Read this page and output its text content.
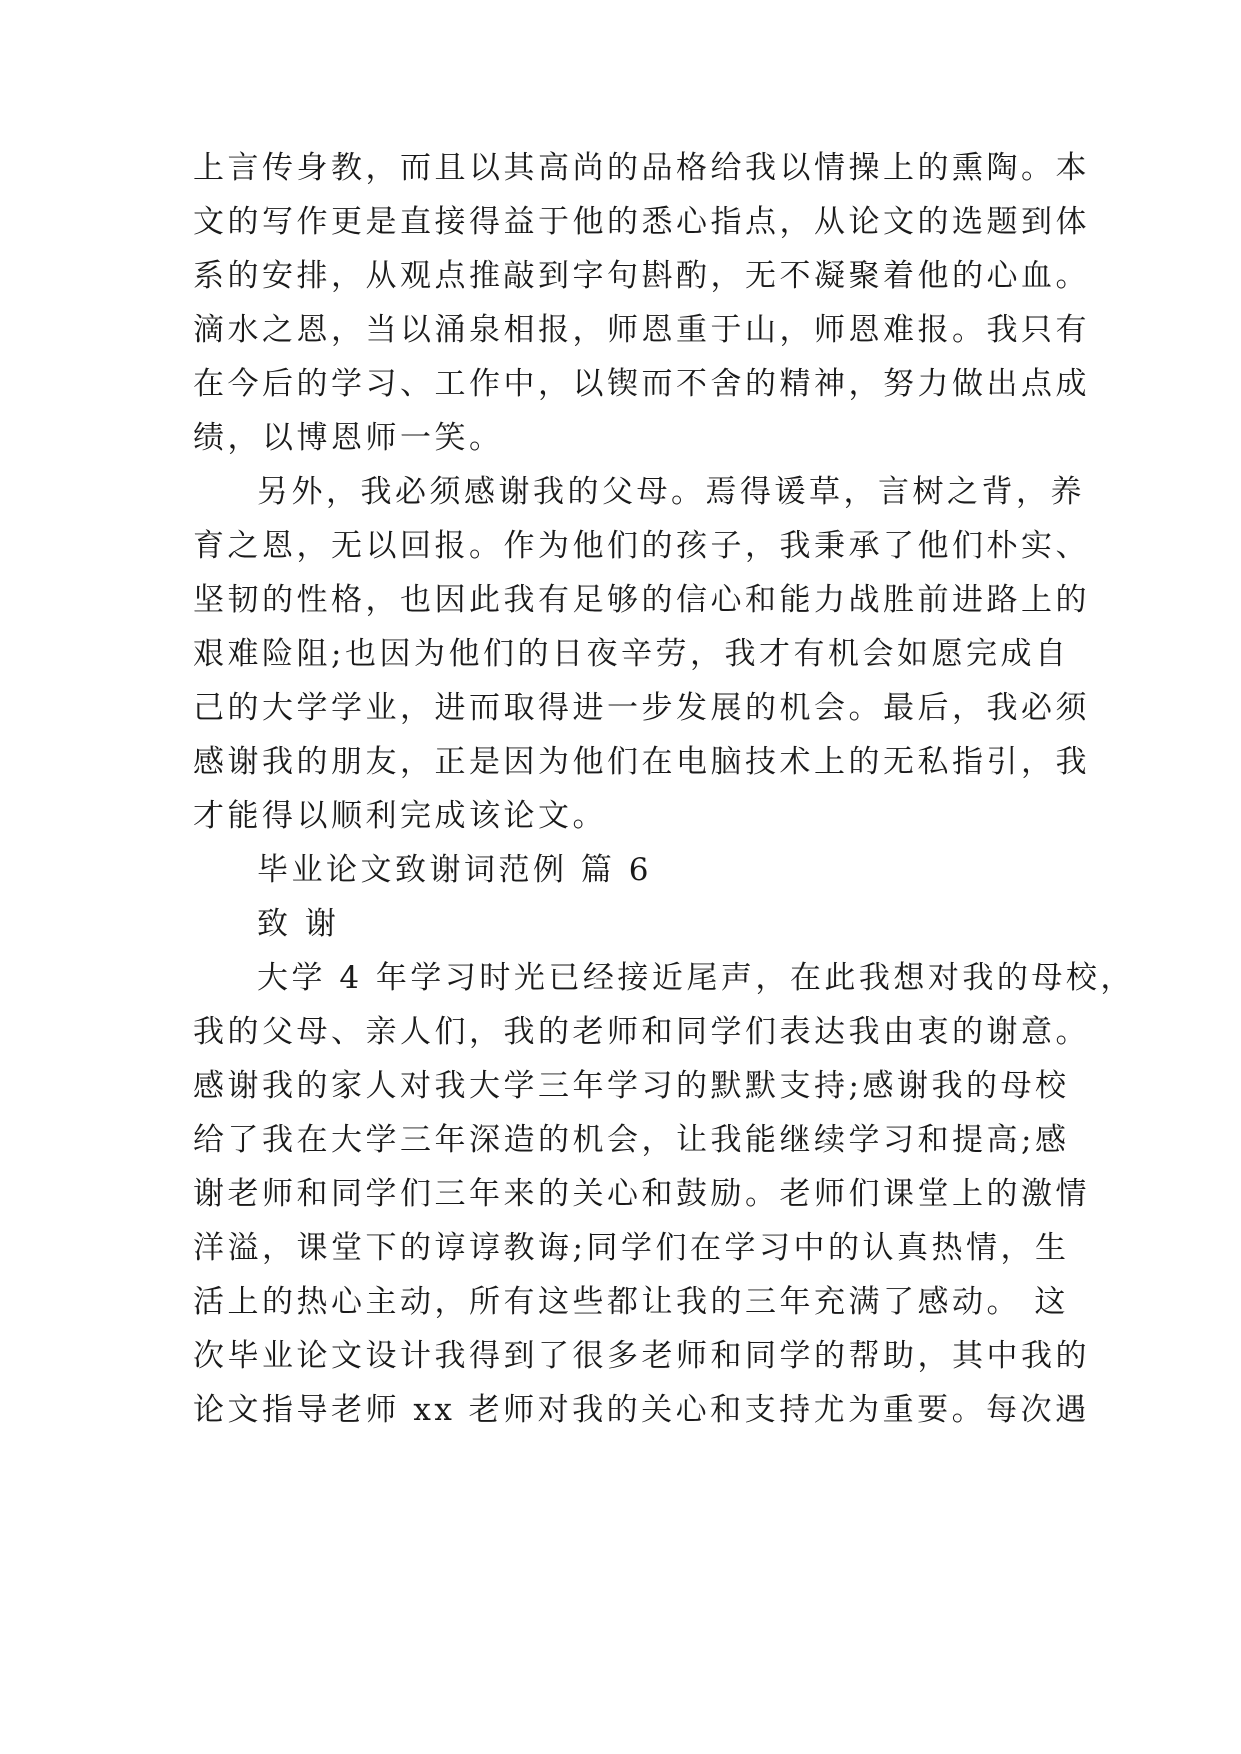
上言传身教，而且以其高尚的品格给我以情操上的熏陶。本
文的写作更是直接得益于他的悉心指点，从论文的选题到体
系的安排，从观点推敲到字句斟酌，无不凝聚着他的心血。
滴水之恩，当以涌泉相报，师恩重于山，师恩难报。我只有
在今后的学习、工作中，以锲而不舍的精神，努力做出点成
绩，以博恩师一笑。
另外，我必须感谢我的父母。焉得谖草，言树之背，养
育之恩，无以回报。作为他们的孩子，我秉承了他们朴实、
坚韧的性格，也因此我有足够的信心和能力战胜前进路上的
艰难险阻;也因为他们的日夜辛劳，我才有机会如愿完成自
己的大学学业，进而取得进一步发展的机会。最后，我必须
感谢我的朋友，正是因为他们在电脑技术上的无私指引，我
才能得以顺利完成该论文。
毕业论文致谢词范例 篇 6
致 谢
大学 4 年学习时光已经接近尾声，在此我想对我的母校，
我的父母、亲人们，我的老师和同学们表达我由衷的谢意。
感谢我的家人对我大学三年学习的默默支持;感谢我的母校
给了我在大学三年深造的机会，让我能继续学习和提高;感
谢老师和同学们三年来的关心和鼓励。老师们课堂上的激情
洋溢，课堂下的谆谆教诲;同学们在学习中的认真热情，生
活上的热心主动，所有这些都让我的三年充满了感动。 这
次毕业论文设计我得到了很多老师和同学的帮助，其中我的
论文指导老师 xx 老师对我的关心和支持尤为重要。每次遇
